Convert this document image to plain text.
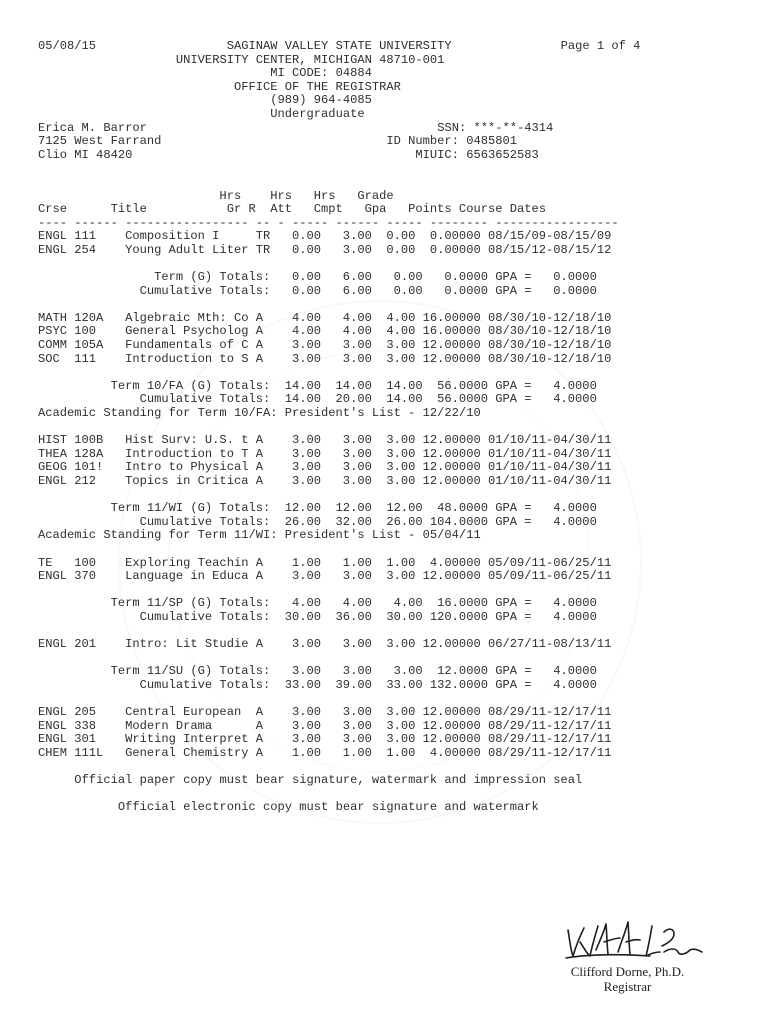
05/08/15	SAGINAW VALLEY STATE UNIVERSITY	Page 1 of 4
UNIVERSITY CENTER, MICHIGAN 48710-001
MI CODE: 04884
OFFICE OF THE REGISTRAR
(989) 964-4085
Undergraduate
Erica M. Barror	SSN: ***-**-4314
7125 West Farrand	ID Number: 0485801
Clio MI 48420	MIUIC: 6563652583

Hrs    Hrs   Hrs   Grade
Crse      Title           Gr R  Att   Cmpt   Gpa   Points Course Dates
---- ------ ----------------- -- - ----- ------ ----- -------- -----------------
ENGL 111    Composition I     TR   0.00   3.00  0.00  0.00000 08/15/09-08/15/09
ENGL 254    Young Adult Liter TR   0.00   3.00  0.00  0.00000 08/15/12-08/15/12

Term (G) Totals:   0.00   6.00   0.00   0.0000 GPA =   0.0000
Cumulative Totals:   0.00   6.00   0.00   0.0000 GPA =   0.0000

MATH 120A   Algebraic Mth: Co A    4.00   4.00  4.00 16.00000 08/30/10-12/18/10
PSYC 100    General Psycholog A    4.00   4.00  4.00 16.00000 08/30/10-12/18/10
COMM 105A   Fundamentals of C A    3.00   3.00  3.00 12.00000 08/30/10-12/18/10
SOC  111    Introduction to S A    3.00   3.00  3.00 12.00000 08/30/10-12/18/10

Term 10/FA (G) Totals:  14.00  14.00  14.00  56.0000 GPA =   4.0000
Cumulative Totals:  14.00  20.00  14.00  56.0000 GPA =   4.0000
Academic Standing for Term 10/FA: President's List - 12/22/10

HIST 100B   Hist Surv: U.S. t A    3.00   3.00  3.00 12.00000 01/10/11-04/30/11
THEA 128A   Introduction to T A    3.00   3.00  3.00 12.00000 01/10/11-04/30/11
GEOG 101!   Intro to Physical A    3.00   3.00  3.00 12.00000 01/10/11-04/30/11
ENGL 212    Topics in Critica A    3.00   3.00  3.00 12.00000 01/10/11-04/30/11

Term 11/WI (G) Totals:  12.00  12.00  12.00  48.0000 GPA =   4.0000
Cumulative Totals:  26.00  32.00  26.00 104.0000 GPA =   4.0000
Academic Standing for Term 11/WI: President's List - 05/04/11

TE   100    Exploring Teachin A    1.00   1.00  1.00  4.00000 05/09/11-06/25/11
ENGL 370    Language in Educa A    3.00   3.00  3.00 12.00000 05/09/11-06/25/11

Term 11/SP (G) Totals:   4.00   4.00   4.00  16.0000 GPA =   4.0000
Cumulative Totals:  30.00  36.00  30.00 120.0000 GPA =   4.0000

ENGL 201    Intro: Lit Studie A    3.00   3.00  3.00 12.00000 06/27/11-08/13/11

Term 11/SU (G) Totals:   3.00   3.00   3.00  12.0000 GPA =   4.0000
Cumulative Totals:  33.00  39.00  33.00 132.0000 GPA =   4.0000

ENGL 205    Central European  A    3.00   3.00  3.00 12.00000 08/29/11-12/17/11
ENGL 338    Modern Drama      A    3.00   3.00  3.00 12.00000 08/29/11-12/17/11
ENGL 301    Writing Interpret A    3.00   3.00  3.00 12.00000 08/29/11-12/17/11
CHEM 111L   General Chemistry A    1.00   1.00  1.00  4.00000 08/29/11-12/17/11

Official paper copy must bear signature, watermark and impression seal

Official electronic copy must bear signature and watermark
Clifford Dorne, Ph.D.
Registrar
